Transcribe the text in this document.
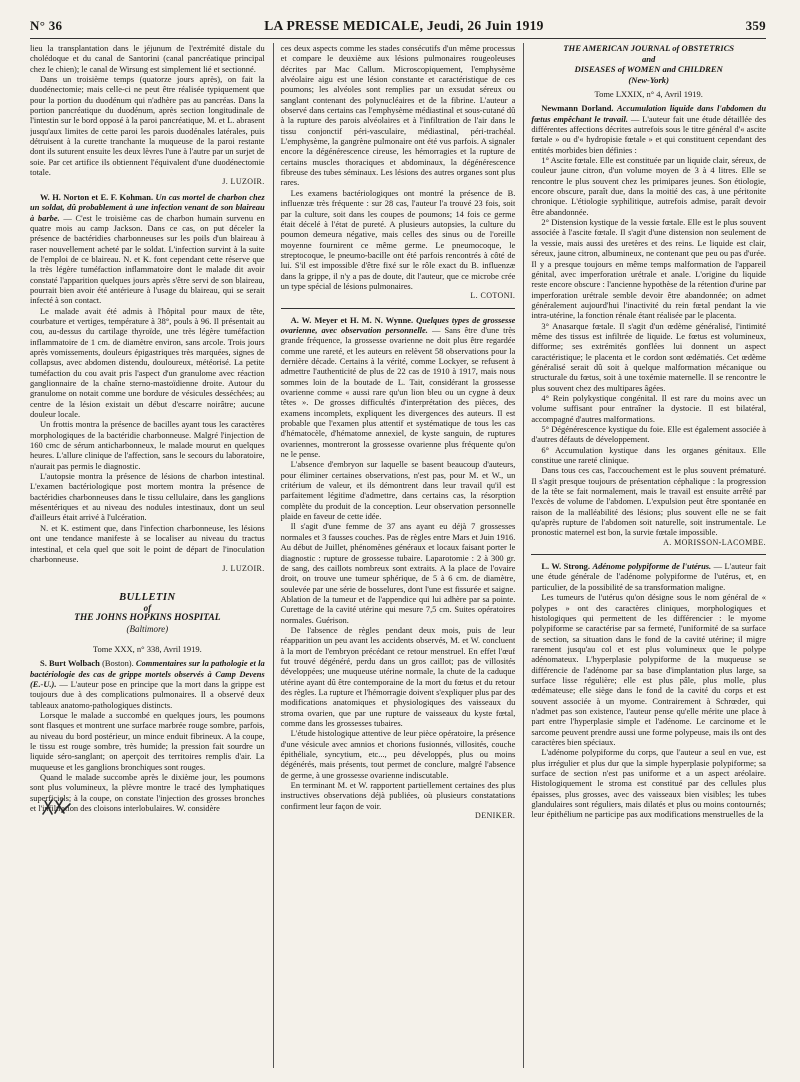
N° 36	LA PRESSE MEDICALE, Jeudi, 26 Juin 1919	359

lieu la transplantation dans le jéjunum de l'extrémité distale du cholédoque et du canal de Santorini (canal pancréatique principal chez le chien); le canal de Wirsung est simplement lié et sectionné.

Dans un troisième temps (quatorze jours après), on fait la duodénectomie; mais celle-ci ne peut être réalisée typiquement que pour la portion du duodénum qui n'adhère pas au pancréas. Dans la portion pancréatique du duodénum, après section longitudinale de l'intestin sur le bord opposé à la paroi pancréatique, M. et L. abrasent jusqu'aux limites de cette paroi les parois duodénales latérales, puis détruisent à la curette tranchante la muqueuse de la paroi restante dont ils suturent ensuite les deux lèvres l'une à l'autre par un surjet de soie. Par cet artifice ils obtiennent l'équivalent d'une duodénectomie totale.

J. LUZOIR.

W. H. Norton et E. F. Kohman. Un cas mortel de charbon chez un soldat, dû probablement à une infection venant de son blaireau à barbe. — C'est le troisième cas de charbon humain survenu en quatre mois au camp Jackson. Dans ce cas, on put déceler la présence de bactéridies charbonneuses sur les poils d'un blaireau à raser nouvellement acheté par le soldat. L'infection survint à la suite de l'emploi de ce blaireau. N. et K. font cependant cette réserve que la très légère tuméfaction inflammatoire dont le malade dit avoir constaté l'apparition quelques jours après s'être servi de son blaireau, pourrait bien avoir été antérieure à l'usage du blaireau, qui se serait infecté à son contact.

Le malade avait été admis à l'hôpital pour maux de tête, courbature et vertiges, température à 38°, pouls à 96. Il présentait au cou, au-dessus du cartilage thyroïde, une très légère tuméfaction inflammatoire de 1 cm. de diamètre environ, sans arcole. Trois jours après vomissements, douleurs épigastriques très marquées, signes de collapsus, avec abdomen distendu, douloureux, météorisé. La petite tuméfaction du cou avait pris l'aspect d'un granulome avec réaction ganglionnaire de la chaîne sterno-mastoïdienne droite. Autour du granulome on notait comme une bordure de vésicules desséchées; au centre de la lésion existait un début d'escarre noirâtre; aucune douleur locale.

Un frottis montra la présence de bacilles ayant tous les caractères morphologiques de la bactéridie charbonneuse. Malgré l'injection de 160 cmc de sérum anticharbonneux, le malade mourut en quelques heures. L'allure clinique de l'affection, sans le secours du laboratoire, n'aurait pas permis le diagnostic.

L'autopsie montra la présence de lésions de charbon intestinal. L'examen bactériologique post mortem montra la présence de bactéridies charbonneuses dans le tissu cellulaire, dans les ganglions mésentériques et au niveau des nodules intestinaux, dont un seul d'ailleurs était arrivé à l'ulcération.

N. et K. estiment que, dans l'infection charbonneuse, les lésions ont une tendance manifeste à se localiser au niveau du tractus intestinal, et cela quel que soit le point de départ de l'inoculation charbonneuse.

J. LUZOIR.
BULLETIN
of
THE JOHNS HOPKINS HOSPITAL
(Baltimore)
Tome XXX, n° 338, Avril 1919.

S. Burt Wolbach (Boston). Commentaires sur la pathologie et la bactériologie des cas de grippe mortels observés à Camp Devens (E.-U.). — L'auteur pose en principe que la mort dans la grippe est toujours due à des complications pulmonaires. Il a observé deux tableaux anatomo-pathologiques distincts.

Lorsque le malade a succombé en quelques jours, les poumons sont flasques et montrent une surface marbrée rouge sombre, parfois, au niveau du bord postérieur, un mince enduit fibrineux. A la coupe, le tissu est rouge sombre, très humide; la pression fait sourdre un liquide séro-sanglant; on aperçoit des territoires remplis d'air. La muqueuse et les ganglions bronchiques sont rouges.

Quand le malade succombe après le dixième jour, les poumons sont plus volumineux, la plèvre montre le tracé des lymphatiques superficiels; à la coupe, on constate l'injection des grosses bronches et l'infiltration des cloisons interlobulaires. W. considère

ces deux aspects comme les stades consécutifs d'un même processus et compare le deuxième aux lésions pulmonaires rougeoleuses décrites par Mac Callum. Microscopiquement, l'emphysème alvéolaire aigu est une lésion constante et caractéristique de ces poumons; les alvéoles sont remplies par un exsudat séreux ou sanglant contenant des polynucléaires et de la fibrine. L'auteur a observé dans certains cas l'emphysème médiastinal et sous-cutané dû à la rupture des parois alvéolaires et à l'infiltration de l'air dans le tissu conjonctif péri-vasculaire, médiastinal, péri-trachéal. L'emphysème, la gangrène pulmonaire ont été vus parfois. A signaler encore la dégénérescence cireuse, les hémorragies et la rupture de certains muscles thoraciques et abdominaux, la dégénérescence fibreuse des tubes séminaux. Les lésions des autres organes sont plus rares.

Les examens bactériologiques ont montré la présence de B. influenzæ très fréquente : sur 28 cas, l'auteur l'a trouvé 23 fois, soit par la culture, soit dans les coupes de poumons; 14 fois ce germe était décelé à l'état de pureté. A plusieurs autopsies, la culture du poumon demeura négative, mais celles des sinus ou de l'oreille moyenne fournirent ce même germe. Le pneumocoque, le streptocoque, le pneumo-bacille ont été parfois rencontrés à côté de lui. S'il est impossible d'être fixé sur le rôle exact du B. influenzæ dans la grippe, il n'y a pas de doute, dit l'auteur, que ce microbe crée un type spécial de lésions pulmonaires.

L. COTONI.

A. W. Meyer et H. M. N. Wynne. Quelques types de grossesse ovarienne, avec observation personnelle. — Sans être d'une très grande fréquence, la grossesse ovarienne ne doit plus être regardée comme une rareté, et les auteurs en relèvent 58 observations pour la dernière décade. Certains à la vérité, comme Lockyer, se refusent à admettre l'authenticité de plus de 22 cas de 1910 à 1917, mais nous sommes loin de la boutade de L. Tait, considérant la grossesse ovarienne comme « aussi rare qu'un lion bleu ou un cygne à deux têtes ». De grosses difficultés d'interprétation des pièces, des examens incomplets, expliquent les divergences des auteurs. Il est probable que l'examen plus attentif et systématique de tous les cas d'hématocèle, d'hématome annexiel, de kyste sanguin, de ruptures ovariennes, montreront la grossesse ovarienne plus fréquente qu'on ne le pense.

L'absence d'embryon sur laquelle se basent beaucoup d'auteurs, pour éliminer certaines observations, n'est pas, pour M. et W., un critérium de valeur, et ils démontrent dans leur travail qu'il est parfaitement légitime d'admettre, dans certains cas, la résorption complète du produit de la conception. Leur observation personnelle plaide en faveur de cette idée.

Il s'agit d'une femme de 37 ans ayant eu déjà 7 grossesses normales et 3 fausses couches. Pas de règles entre Mars et Juin 1916. Au début de Juillet, phénomènes généraux et locaux faisant porter le diagnostic : rupture de grossesse tubaire. Laparotomie : 2 à 300 gr. de sang, des caillots nombreux sont extraits. A la place de l'ovaire droit, on trouve une tumeur sphérique, de 5 à 6 cm. de diamètre, soulevée par une série de bosselures, dont l'une est fissurée et saigne. Ablation de la tumeur et de l'appendice qui lui adhère par sa pointe. Curettage de la cavité utérine qui mesure 7,5 cm. Suites opératoires normales. Guérison.

De l'absence de règles pendant deux mois, puis de leur réapparition un peu avant les accidents observés, M. et W. concluent à la mort de l'embryon précédant ce retour menstruel. En effet l'œuf fut trouvé dégénéré, perdu dans un gros caillot; pas de villosités développées; une muqueuse utérine normale, la chute de la caduque utérine ayant dû être contemporaine de la mort du fœtus et du retour des règles. La rupture et l'hémorragie doivent s'expliquer plus par des modifications anatomiques et physiologiques des vaisseaux du stroma ovarien, que par une rupture de vaisseaux du kyste fœtal, comme dans les grossesses tubaires.

L'étude histologique attentive de leur pièce opératoire, la présence d'une vésicule avec amnios et chorions fusionnés, villosités, couche épithéliale, syncytium, etc..., peu développés, plus ou moins dégénérés, mais présents, tout permet de conclure, malgré l'absence de germe, à une grossesse ovarienne indiscutable.

En terminant M. et W. rapportent partiellement certaines des plus instructives observations déjà publiées, où plusieurs constatations confirment leur façon de voir.

DENIKER.
THE AMERICAN JOURNAL of OBSTETRICS
and
DISEASES of WOMEN and CHILDREN
(New-York)
Tome LXXIX, n° 4, Avril 1919.

Newmann Dorland. Accumulation liquide dans l'abdomen du fœtus empêchant le travail. — L'auteur fait une étude détaillée des différentes affections décrites autrefois sous le titre général d'« ascite fœtale » ou d'« hydropisie fœtale » et qui constituent cependant des entités morbides bien définies :

1° Ascite fœtale. Elle est constituée par un liquide clair, séreux, de couleur jaune citron, d'un volume moyen de 3 à 4 litres. Elle se rencontre le plus souvent chez les primipares jeunes. Son étiologie, encore obscure, paraît due, dans la moitié des cas, à une péritonite chronique. L'étiologie syphilitique, autrefois admise, paraît devoir être abandonnée.

2° Distension kystique de la vessie fœtale. Elle est le plus souvent associée à l'ascite fœtale. Il s'agit d'une distension non seulement de la vessie, mais aussi des uretères et des reins. Le liquide est clair, séreux, jaune citron, albumineux, ne contenant que peu ou pas d'urée. Il y a presque toujours en même temps malformation de l'appareil génital, avec imperforation urétrale et anale. L'origine du liquide reste encore obscure : l'ancienne hypothèse de la rétention d'urine par imperforation urétrale semble devoir être abandonnée; on admet généralement aujourd'hui l'inactivité du rein fœtal pendant la vie intra-utérine, la fonction rénale étant réalisée par le placenta.

3° Anasarque fœtale. Il s'agit d'un œdème généralisé, l'intimité même des tissus est infiltrée de liquide. Le fœtus est volumineux, difforme; ses extrémités gonflées lui donnent un aspect caractéristique; le placenta et le cordon sont œdématiés. Cet œdème généralisé serait dû soit à quelque malformation mécanique ou structurale du fœtus, soit à une toxémie maternelle. Il se rencontre le plus souvent chez des multipares âgées.

4° Rein polykystique congénital. Il est rare du moins avec un volume suffisant pour entraîner la dystocie. Il est bilatéral, accompagné d'autres malformations.

5° Dégénérescence kystique du foie. Elle est également associée à d'autres défauts de développement.

6° Accumulation kystique dans les organes génitaux. Elle constitue une rareté clinique.

Dans tous ces cas, l'accouchement est le plus souvent prématuré. Il s'agit presque toujours de présentation céphalique : la progression de la tête se fait normalement, mais le travail est ensuite arrêté par l'excès de volume de l'abdomen. L'expulsion peut être spontanée en raison de la malléabilité des lésions; plus souvent elle ne se fait qu'après rupture de l'abdomen soit naturelle, soit instrumentale. Le pronostic maternel est bon, la survie fœtale impossible.

A. MORISSON-LACOMBE.

L. W. Strong. Adénome polypiforme de l'utérus. — L'auteur fait une étude générale de l'adénome polypiforme de l'utérus, et, en particulier, de la possibilité de sa transformation maligne.

Les tumeurs de l'utérus qu'on désigne sous le nom général de « polypes » ont des caractères cliniques, morphologiques et histologiques qui permettent de les différencier : le myome polypiforme se caractérise par sa fermeté, l'uniformité de sa surface de section, sa situation dans le fond de la cavité utérine; il migre rarement jusqu'au col et est plus volumineux que le polype adénomateux. L'hyperplasie polypiforme de la muqueuse se différencie de l'adénome par sa base d'implantation plus large, sa surface lisse régulière; elle est plus pâle, plus molle, plus œdémateuse; elle siège dans le fond de la cavité du corps et est souvent associée à un myome. Contrairement à Schrœder, qui n'admet pas son existence, l'auteur pense qu'elle mérite une place à part entre l'hyperplasie simple et l'adénome. Le carcinome et le sarcome peuvent prendre aussi une forme polypeuse, mais ils ont des caractères bien spéciaux.

L'adénome polypiforme du corps, que l'auteur a seul en vue, est plus irrégulier et plus dur que la simple hyperplasie polypiforme; sa surface de section n'est pas uniforme et a un aspect aréolaire. Histologiquement le stroma est constitué par des cellules plus épaisses, plus grosses, avec des vaisseaux bien visibles; les tubes glandulaires sont réguliers, mais dilatés et plus ou moins contournés; leur épithélium ne participe pas aux modifications menstruelles de la
